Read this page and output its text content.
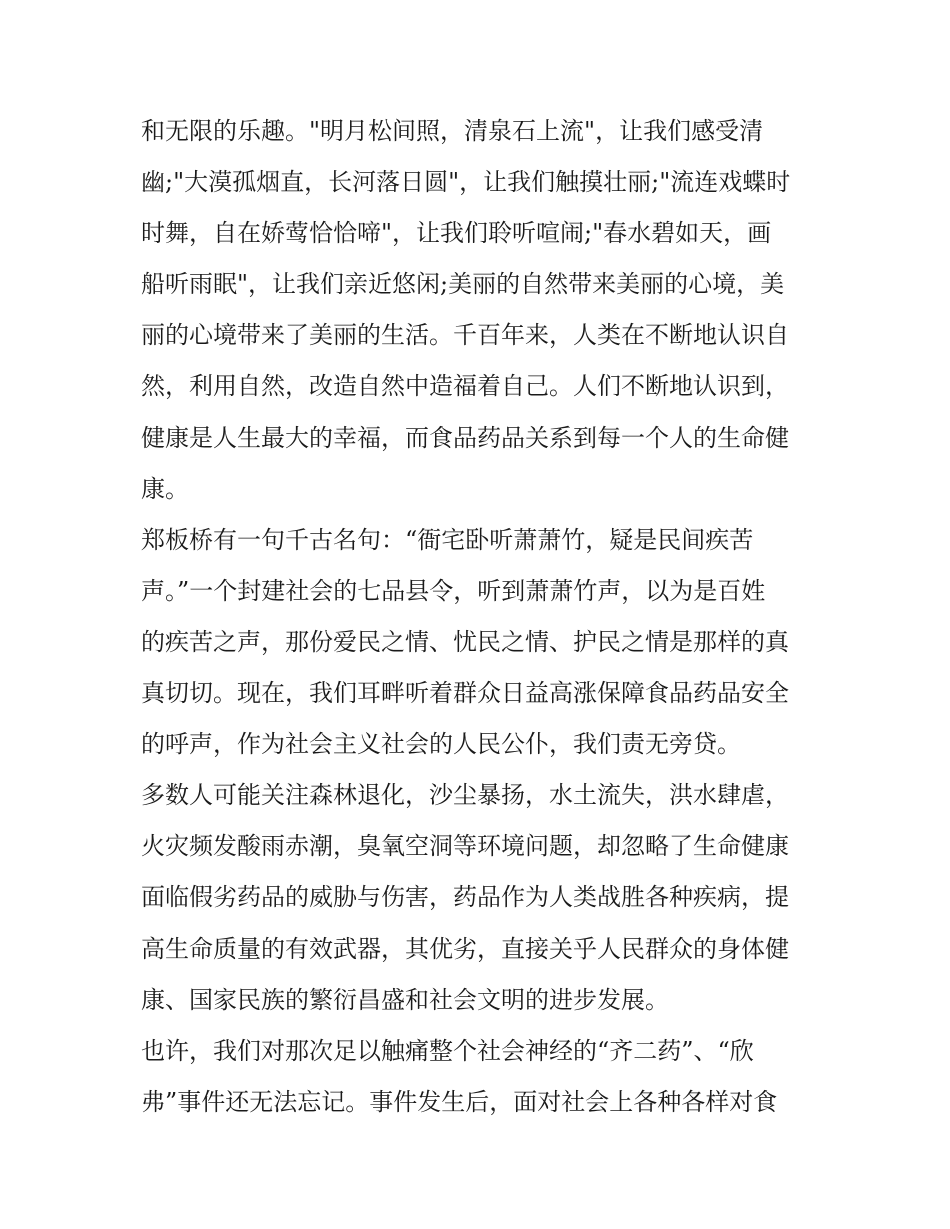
和无限的乐趣。"明月松间照，清泉石上流"，让我们感受清
幽;"大漠孤烟直，长河落日圆"，让我们触摸壮丽;"流连戏蝶时
时舞，自在娇莺恰恰啼"，让我们聆听喧闹;"春水碧如天，画
船听雨眠"，让我们亲近悠闲;美丽的自然带来美丽的心境，美
丽的心境带来了美丽的生活。千百年来，人类在不断地认识自
然，利用自然，改造自然中造福着自己。人们不断地认识到，
健康是人生最大的幸福，而食品药品关系到每一个人的生命健
康。
郑板桥有一句千古名句：“衙宅卧听萧萧竹，疑是民间疾苦
声。”一个封建社会的七品县令，听到萧萧竹声，以为是百姓
的疾苦之声，那份爱民之情、忧民之情、护民之情是那样的真
真切切。现在，我们耳畔听着群众日益高涨保障食品药品安全
的呼声，作为社会主义社会的人民公仆，我们责无旁贷。
多数人可能关注森林退化，沙尘暴扬，水土流失，洪水肆虐，
火灾频发酸雨赤潮，臭氧空洞等环境问题，却忽略了生命健康
面临假劣药品的威胁与伤害，药品作为人类战胜各种疾病，提
高生命质量的有效武器，其优劣，直接关乎人民群众的身体健
康、国家民族的繁衍昌盛和社会文明的进步发展。
也许，我们对那次足以触痛整个社会神经的“齐二药”、“欣
弗”事件还无法忘记。事件发生后，面对社会上各种各样对食
